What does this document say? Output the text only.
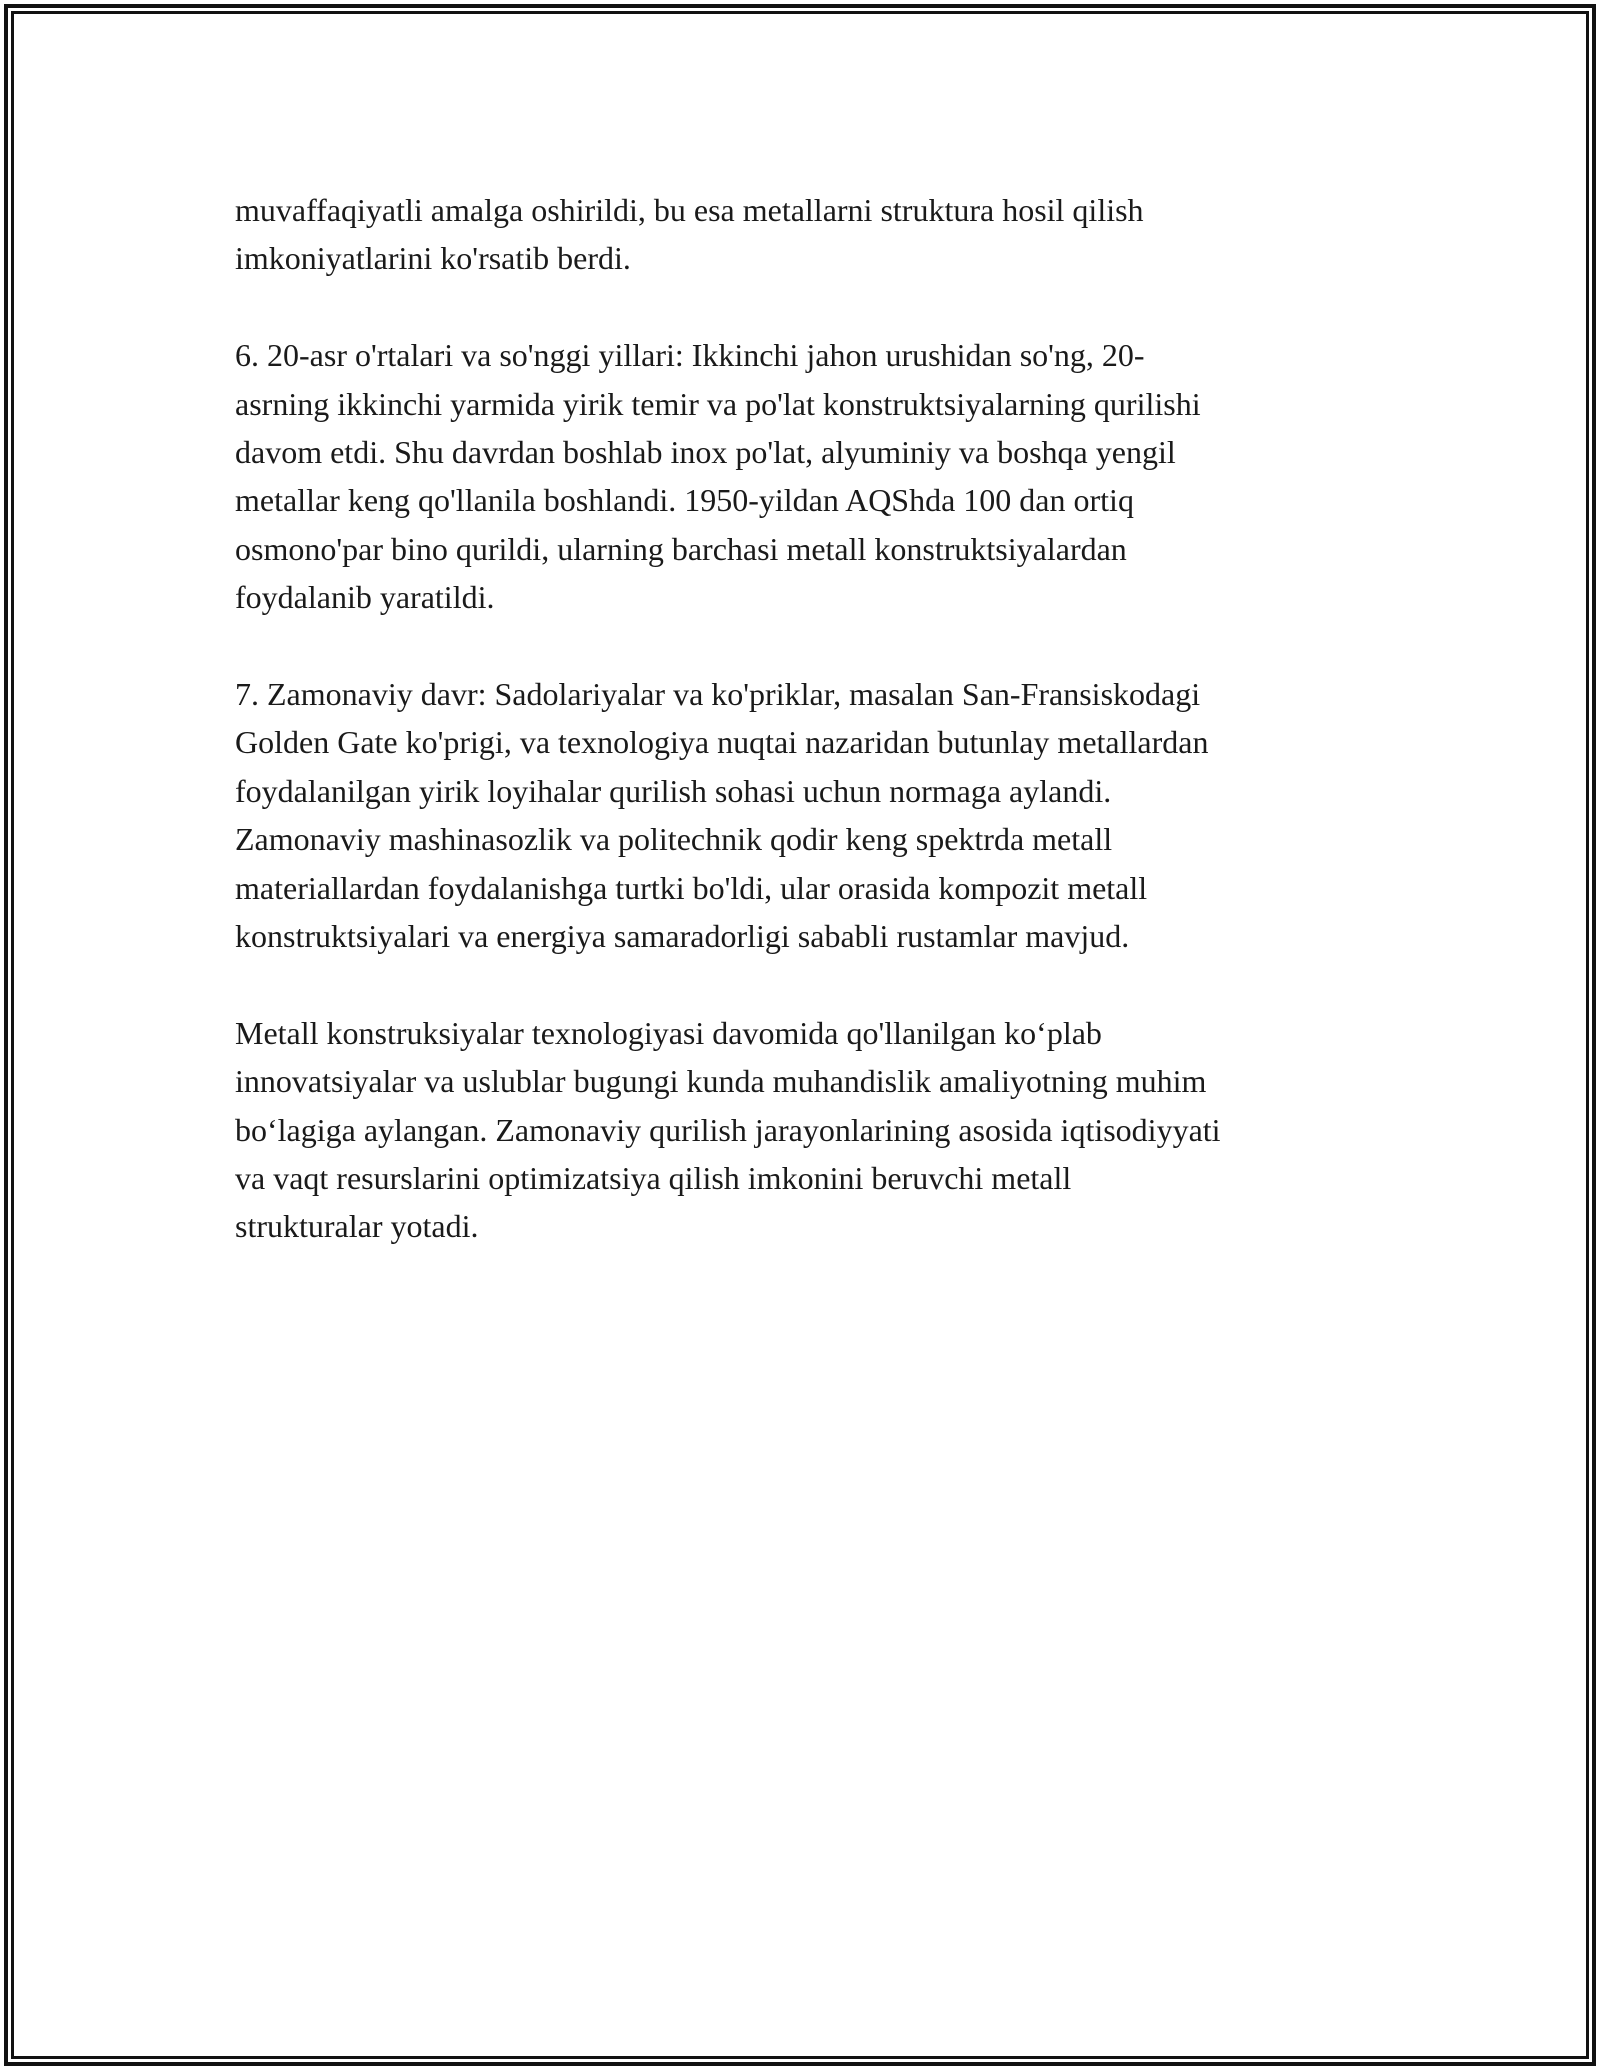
muvaffaqiyatli amalga oshirildi, bu esa metallarni struktura hosil qilish
imkoniyatlarini ko'rsatib berdi.

6. 20-asr o'rtalari va so'nggi yillari: Ikkinchi jahon urushidan so'ng, 20-
asrning ikkinchi yarmida yirik temir va po'lat konstruktsiyalarning qurilishi
davom etdi. Shu davrdan boshlab inox po'lat, alyuminiy va boshqa yengil
metallar keng qo'llanila boshlandi. 1950-yildan AQShda 100 dan ortiq
osmono'par bino qurildi, ularning barchasi metall konstruktsiyalardan
foydalanib yaratildi.

7. Zamonaviy davr: Sadolariyalar va ko'priklar, masalan San-Fransiskodagi
Golden Gate ko'prigi, va texnologiya nuqtai nazaridan butunlay metallardan
foydalanilgan yirik loyihalar qurilish sohasi uchun normaga aylandi.
Zamonaviy mashinasozlik va politechnik qodir keng spektrda metall
materiallardan foydalanishga turtki bo'ldi, ular orasida kompozit metall
konstruktsiyalari va energiya samaradorligi sababli rustamlar mavjud.

Metall konstruksiyalar texnologiyasi davomida qo'llanilgan ko‘plab
innovatsiyalar va uslublar bugungi kunda muhandislik amaliyotning muhim
bo‘lagiga aylangan. Zamonaviy qurilish jarayonlarining asosida iqtisodiyyati
va vaqt resurslarini optimizatsiya qilish imkonini beruvchi metall
strukturalar yotadi.
